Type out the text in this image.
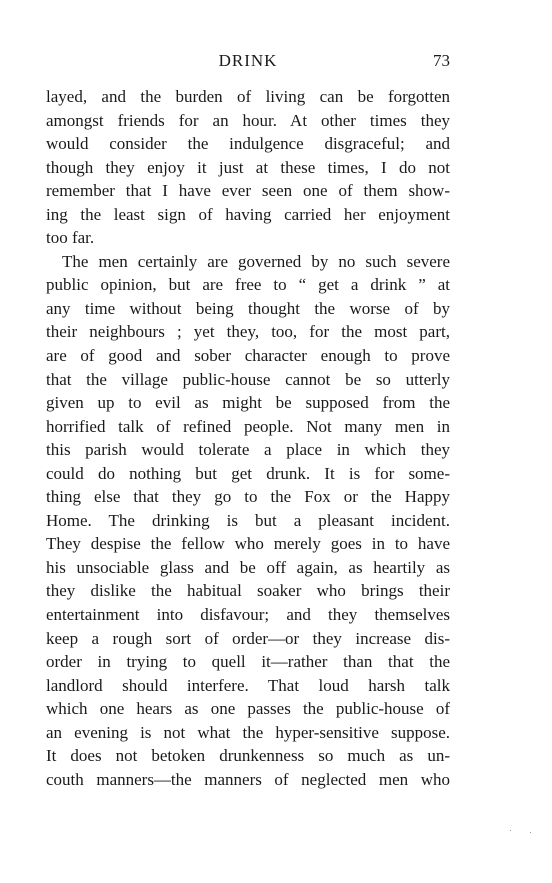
DRINK	73
layed, and the burden of living can be forgotten
amongst friends for an hour. At other times they
would consider the indulgence disgraceful; and
though they enjoy it just at these times, I do not
remember that I have ever seen one of them show-
ing the least sign of having carried her enjoyment
too far.
The men certainly are governed by no such severe
public opinion, but are free to “ get a drink ” at
any time without being thought the worse of by
their neighbours ; yet they, too, for the most part,
are of good and sober character enough to prove
that the village public-house cannot be so utterly
given up to evil as might be supposed from the
horrified talk of refined people. Not many men in
this parish would tolerate a place in which they
could do nothing but get drunk. It is for some-
thing else that they go to the Fox or the Happy
Home. The drinking is but a pleasant incident.
They despise the fellow who merely goes in to have
his unsociable glass and be off again, as heartily as
they dislike the habitual soaker who brings their
entertainment into disfavour; and they themselves
keep a rough sort of order—or they increase dis-
order in trying to quell it—rather than that the
landlord should interfere. That loud harsh talk
which one hears as one passes the public-house of
an evening is not what the hyper-sensitive suppose.
It does not betoken drunkenness so much as un-
couth manners—the manners of neglected men who
